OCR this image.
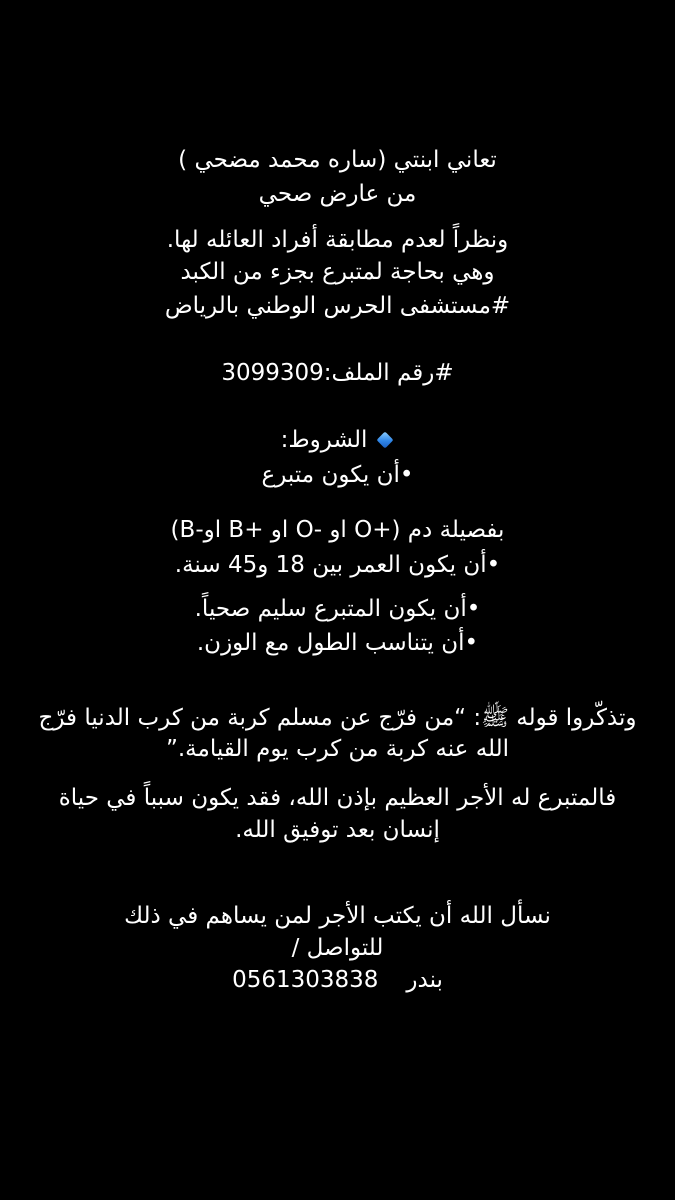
تعاني ابنتي (ساره محمد مضحي )
من عارض صحي
ونظراً لعدم مطابقة أفراد العائله لها.
وهي بحاجة لمتبرع بجزء من الكبد
#مستشفى الحرس الوطني بالرياض
#رقم الملف:3099309
الشروط:
•أن يكون متبرع
بفصيلة دم (+O او -O او +B او-B)
•أن يكون العمر بين 18 و45 سنة.
•أن يكون المتبرع سليم صحياً.
•أن يتناسب الطول مع الوزن.
وتذكّروا قوله ﷺ: “من فرّج عن مسلم كربة من كرب الدنيا فرّج
الله عنه كربة من كرب يوم القيامة.”
فالمتبرع له الأجر العظيم بإذن الله، فقد يكون سبباً في حياة
إنسان بعد توفيق الله.
نسأل الله أن يكتب الأجر لمن يساهم في ذلك
للتواصل /
0561303838 بندر
